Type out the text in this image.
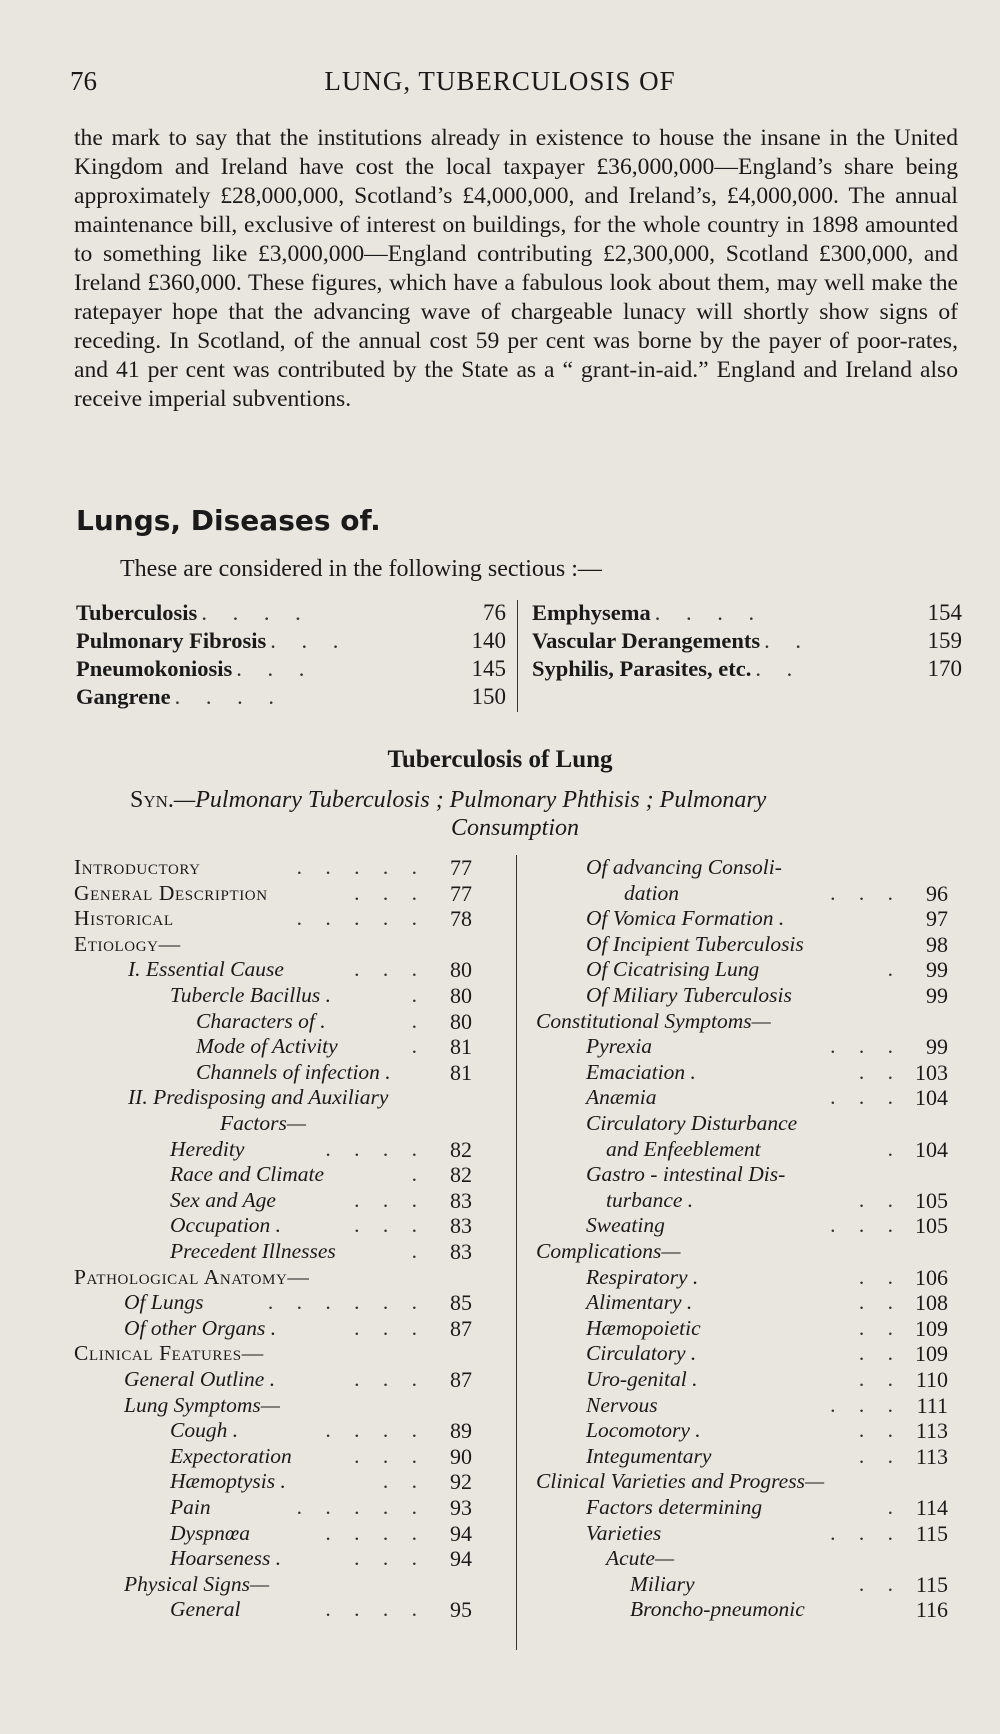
76	LUNG, TUBERCULOSIS OF

the mark to say that the institutions already in existence to house the insane in the United Kingdom and Ireland have cost the local taxpayer £36,000,000—England’s share being approximately £28,000,000, Scotland’s £4,000,000, and Ireland’s, £4,000,000. The annual maintenance bill, exclusive of interest on buildings, for the whole country in 1898 amounted to something like £3,000,000—England contributing £2,300,000, Scotland £300,000, and Ireland £360,000. These figures, which have a fabulous look about them, may well make the ratepayer hope that the advancing wave of chargeable lunacy will shortly show signs of receding. In Scotland, of the annual cost 59 per cent was borne by the payer of poor-rates, and 41 per cent was contributed by the State as a “ grant-in-aid.” England and Ireland also receive imperial subventions.

Lungs, Diseases of.

These are considered in the following sectious :—

Tuberculosis . . . .	76
Pulmonary Fibrosis . . .	140
Pneumokoniosis . . .	145
Gangrene . . . .	150
Emphysema . . . .	154
Vascular Derangements . .	159
Syphilis, Parasites, etc. . .	170
Tuberculosis of Lung
Syn.—Pulmonary Tuberculosis ; Pulmonary Phthisis ; Pulmonary
Consumption
Introductory	. . . . .	77
General Description	. . .	77
Historical	. . . . .	78
Etiology—
I. Essential Cause	. . .	80
Tubercle Bacillus .	.	80
Characters of .	.	80
Mode of Activity	.	81
Channels of infection .	81
II. Predisposing and Auxiliary
Factors—
Heredity	. . . .	82
Race and Climate	.	82
Sex and Age	. . .	83
Occupation .	. . .	83
Precedent Illnesses	.	83
Pathological Anatomy—
Of Lungs	. . . . . .	85
Of other Organs .	. . .	87
Clinical Features—
General Outline .	. . .	87
Lung Symptoms—
Cough .	. . . .	89
Expectoration	. . .	90
Hæmoptysis .	. .	92
Pain	. . . . .	93
Dyspnœa	. . . .	94
Hoarseness .	. . .	94
Physical Signs—
General	. . . .	95
Of advancing Consoli-
dation	. . .	96
Of Vomica Formation .	97
Of Incipient Tuberculosis	98
Of Cicatrising Lung	.	99
Of Miliary Tuberculosis	99
Constitutional Symptoms—
Pyrexia	. . .	99
Emaciation .	. . 103
Anæmia	. . . 104
Circulatory Disturbance
and Enfeeblement	. 104
Gastro - intestinal Dis-
turbance .	. . 105
Sweating	. . . 105
Complications—
Respiratory .	. . 106
Alimentary .	. . 108
Hæmopoietic	. . 109
Circulatory .	. . 109
Uro-genital .	. . 110
Nervous	. . . 111
Locomotory .	. . 113
Integumentary	. . 113
Clinical Varieties and Progress—
Factors determining	. 114
Varieties	. . . 115
Acute—
Miliary	. . 115
Broncho-pneumonic	116
